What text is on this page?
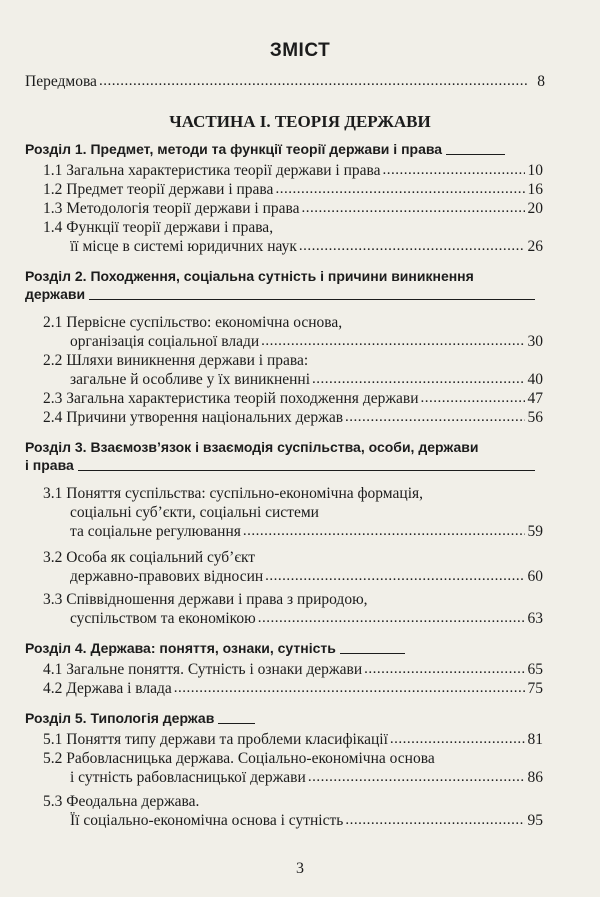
ЗМІСТ
Передмова .....	8
ЧАСТИНА І. ТЕОРІЯ ДЕРЖАВИ
Розділ 1. Предмет, методи та функції теорії держави і права
1.1 Загальна характеристика теорії держави і права .....	10
1.2 Предмет теорії держави і права .....	16
1.3 Методологія теорії держави і права .....	20
1.4 Функції теорії держави і права,
її місце в системі юридичних наук .....	26
Розділ 2. Походження, соціальна сутність і причини виникнення
держави
2.1 Первісне суспільство: економічна основа,
організація соціальної влади .....	30
2.2 Шляхи виникнення держави і права:
загальне й особливе у їх виникненні .....	40
2.3 Загальна характеристика теорій походження держави .....	47
2.4 Причини утворення національних держав .....	56
Розділ 3. Взаємозв’язок і взаємодія суспільства, особи, держави
і права
3.1 Поняття суспільства: суспільно-економічна формація,
соціальні суб’єкти, соціальні системи
та соціальне регулювання .....	59
3.2 Особа як соціальний суб’єкт
державно-правових відносин .....	60
3.3 Співвідношення держави і права з природою,
суспільством та економікою .....	63
Розділ 4. Держава: поняття, ознаки, сутність
4.1 Загальне поняття. Сутність і ознаки держави .....	65
4.2 Держава і влада .....	75
Розділ 5. Типологія держав
5.1 Поняття типу держави та проблеми класифікації .....	81
5.2 Рабовласницька держава. Соціально-економічна основа
і сутність рабовласницької держави .....	86
5.3 Феодальна держава.
Її соціально-економічна основа і сутність .....	95
3
